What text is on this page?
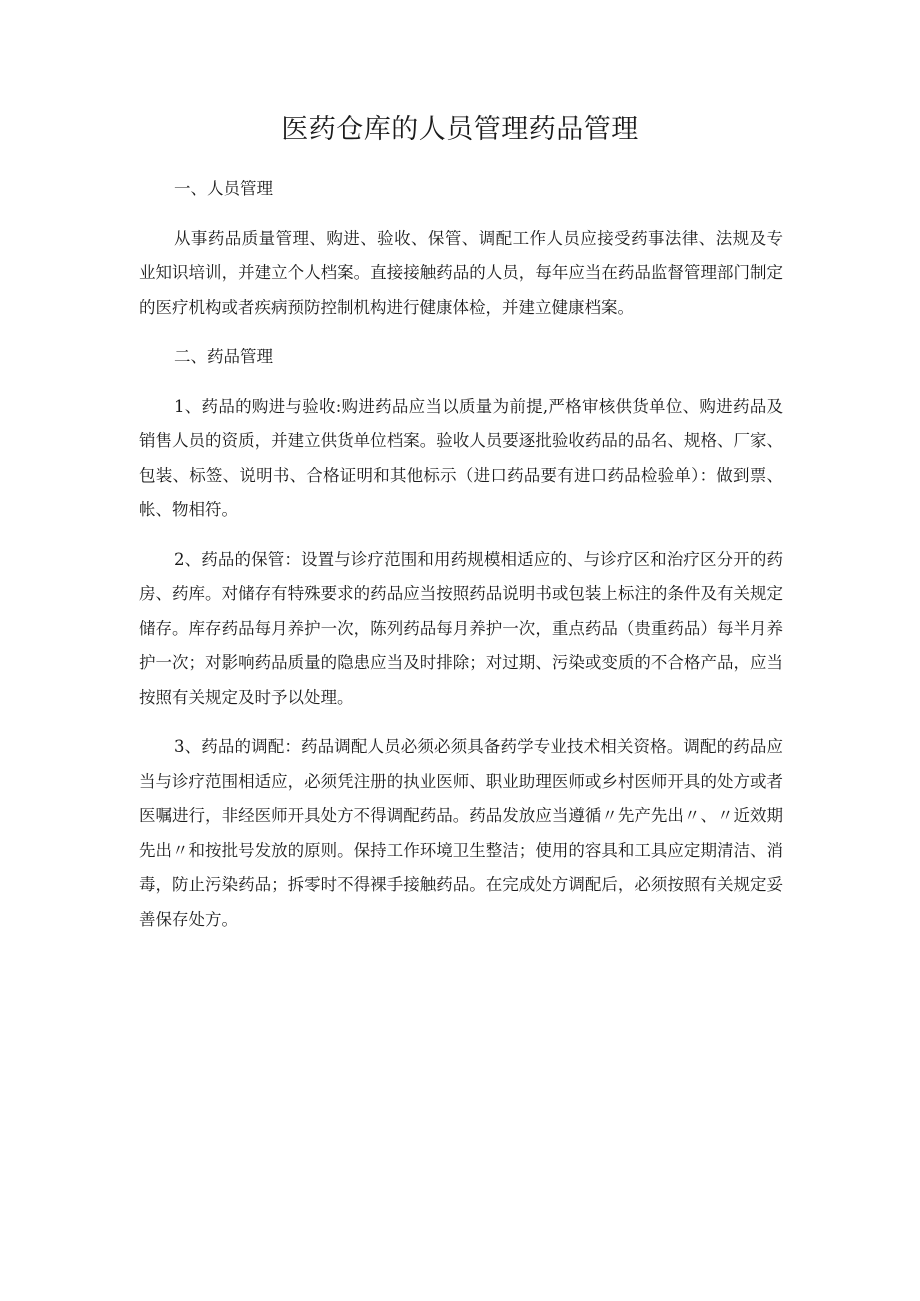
医药仓库的人员管理药品管理

一、人员管理

从事药品质量管理、购进、验收、保管、调配工作人员应接受药事法律、法规及专业知识培训，并建立个人档案。直接接触药品的人员，每年应当在药品监督管理部门制定的医疗机构或者疾病预防控制机构进行健康体检，并建立健康档案。

二、药品管理

1、药品的购进与验收:购进药品应当以质量为前提,严格审核供货单位、购进药品及销售人员的资质，并建立供货单位档案。验收人员要逐批验收药品的品名、规格、厂家、包装、标签、说明书、合格证明和其他标示（进口药品要有进口药品检验单）：做到票、帐、物相符。

2、药品的保管：设置与诊疗范围和用药规模相适应的、与诊疗区和治疗区分开的药房、药库。对储存有特殊要求的药品应当按照药品说明书或包装上标注的条件及有关规定储存。库存药品每月养护一次，陈列药品每月养护一次，重点药品（贵重药品）每半月养护一次；对影响药品质量的隐患应当及时排除；对过期、污染或变质的不合格产品，应当按照有关规定及时予以处理。

3、药品的调配：药品调配人员必须必须具备药学专业技术相关资格。调配的药品应当与诊疗范围相适应，必须凭注册的执业医师、职业助理医师或乡村医师开具的处方或者医嘱进行，非经医师开具处方不得调配药品。药品发放应当遵循〃先产先出〃、〃近效期先出〃和按批号发放的原则。保持工作环境卫生整洁；使用的容具和工具应定期清洁、消毒，防止污染药品；拆零时不得裸手接触药品。在完成处方调配后，必须按照有关规定妥善保存处方。
